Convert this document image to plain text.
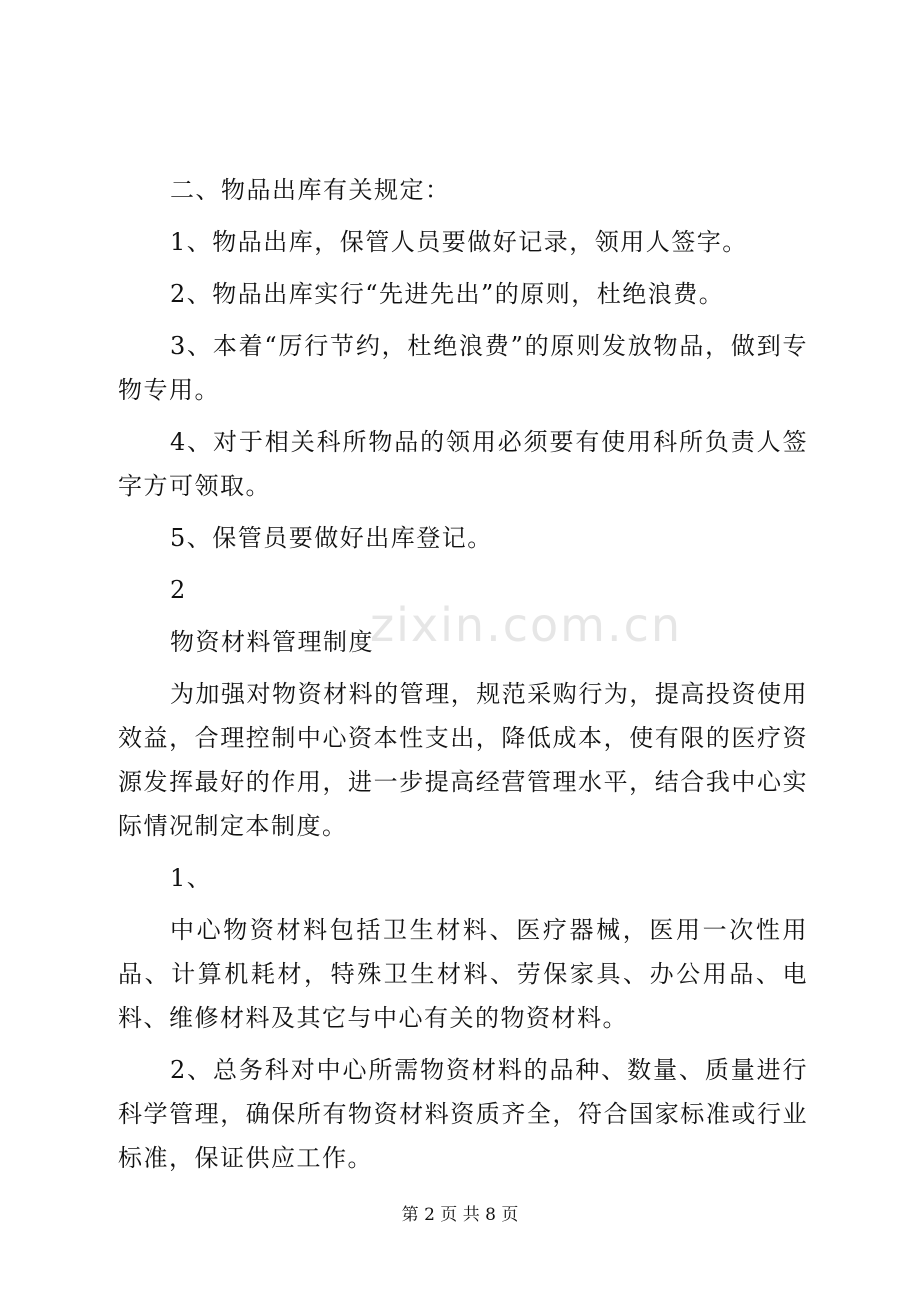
zixin.com.cn

二、物品出库有关规定：

1、物品出库，保管人员要做好记录，领用人签字。

2、物品出库实行“先进先出”的原则，杜绝浪费。

3、本着“厉行节约，杜绝浪费”的原则发放物品，做到专物专用。

4、对于相关科所物品的领用必须要有使用科所负责人签字方可领取。

5、保管员要做好出库登记。

2

物资材料管理制度

为加强对物资材料的管理，规范采购行为，提高投资使用效益，合理控制中心资本性支出，降低成本，使有限的医疗资源发挥最好的作用，进一步提高经营管理水平，结合我中心实际情况制定本制度。

1、

中心物资材料包括卫生材料、医疗器械，医用一次性用品、计算机耗材，特殊卫生材料、劳保家具、办公用品、电料、维修材料及其它与中心有关的物资材料。

2、总务科对中心所需物资材料的品种、数量、质量进行科学管理，确保所有物资材料资质齐全，符合国家标准或行业标准，保证供应工作。

第 2 页 共 8 页
